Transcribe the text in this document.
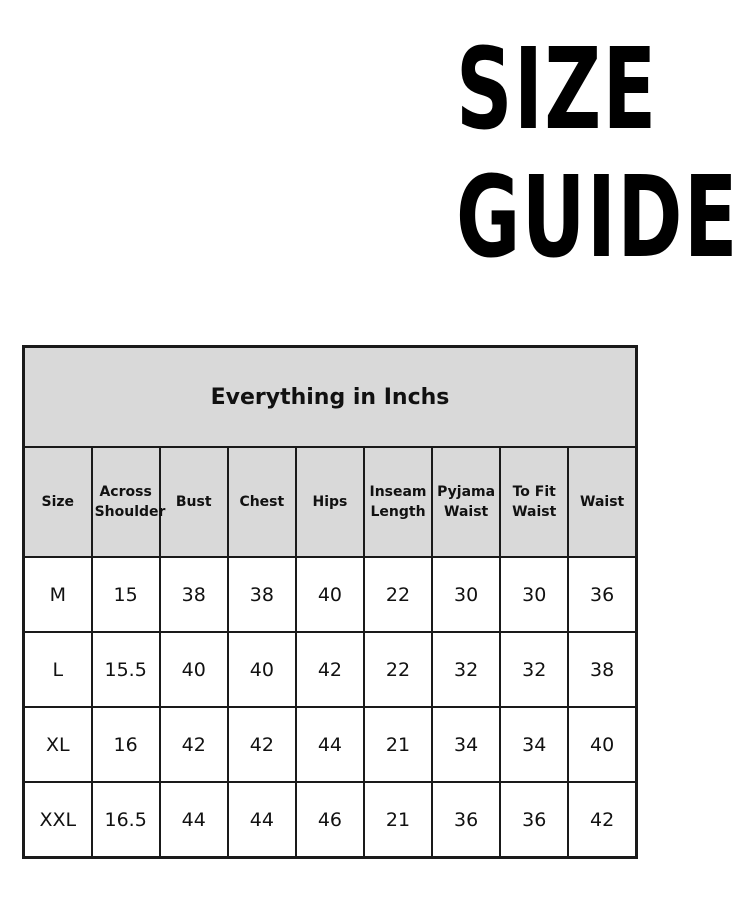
SIZE
GUIDE
Everything in Inchs								
Size	Across Shoulder	Bust	Chest	Hips	Inseam Length	Pyjama Waist	To Fit Waist	Waist
M	15	38	38	40	22	30	30	36
L	15.5	40	40	42	22	32	32	38
XL	16	42	42	44	21	34	34	40
XXL	16.5	44	44	46	21	36	36	42
